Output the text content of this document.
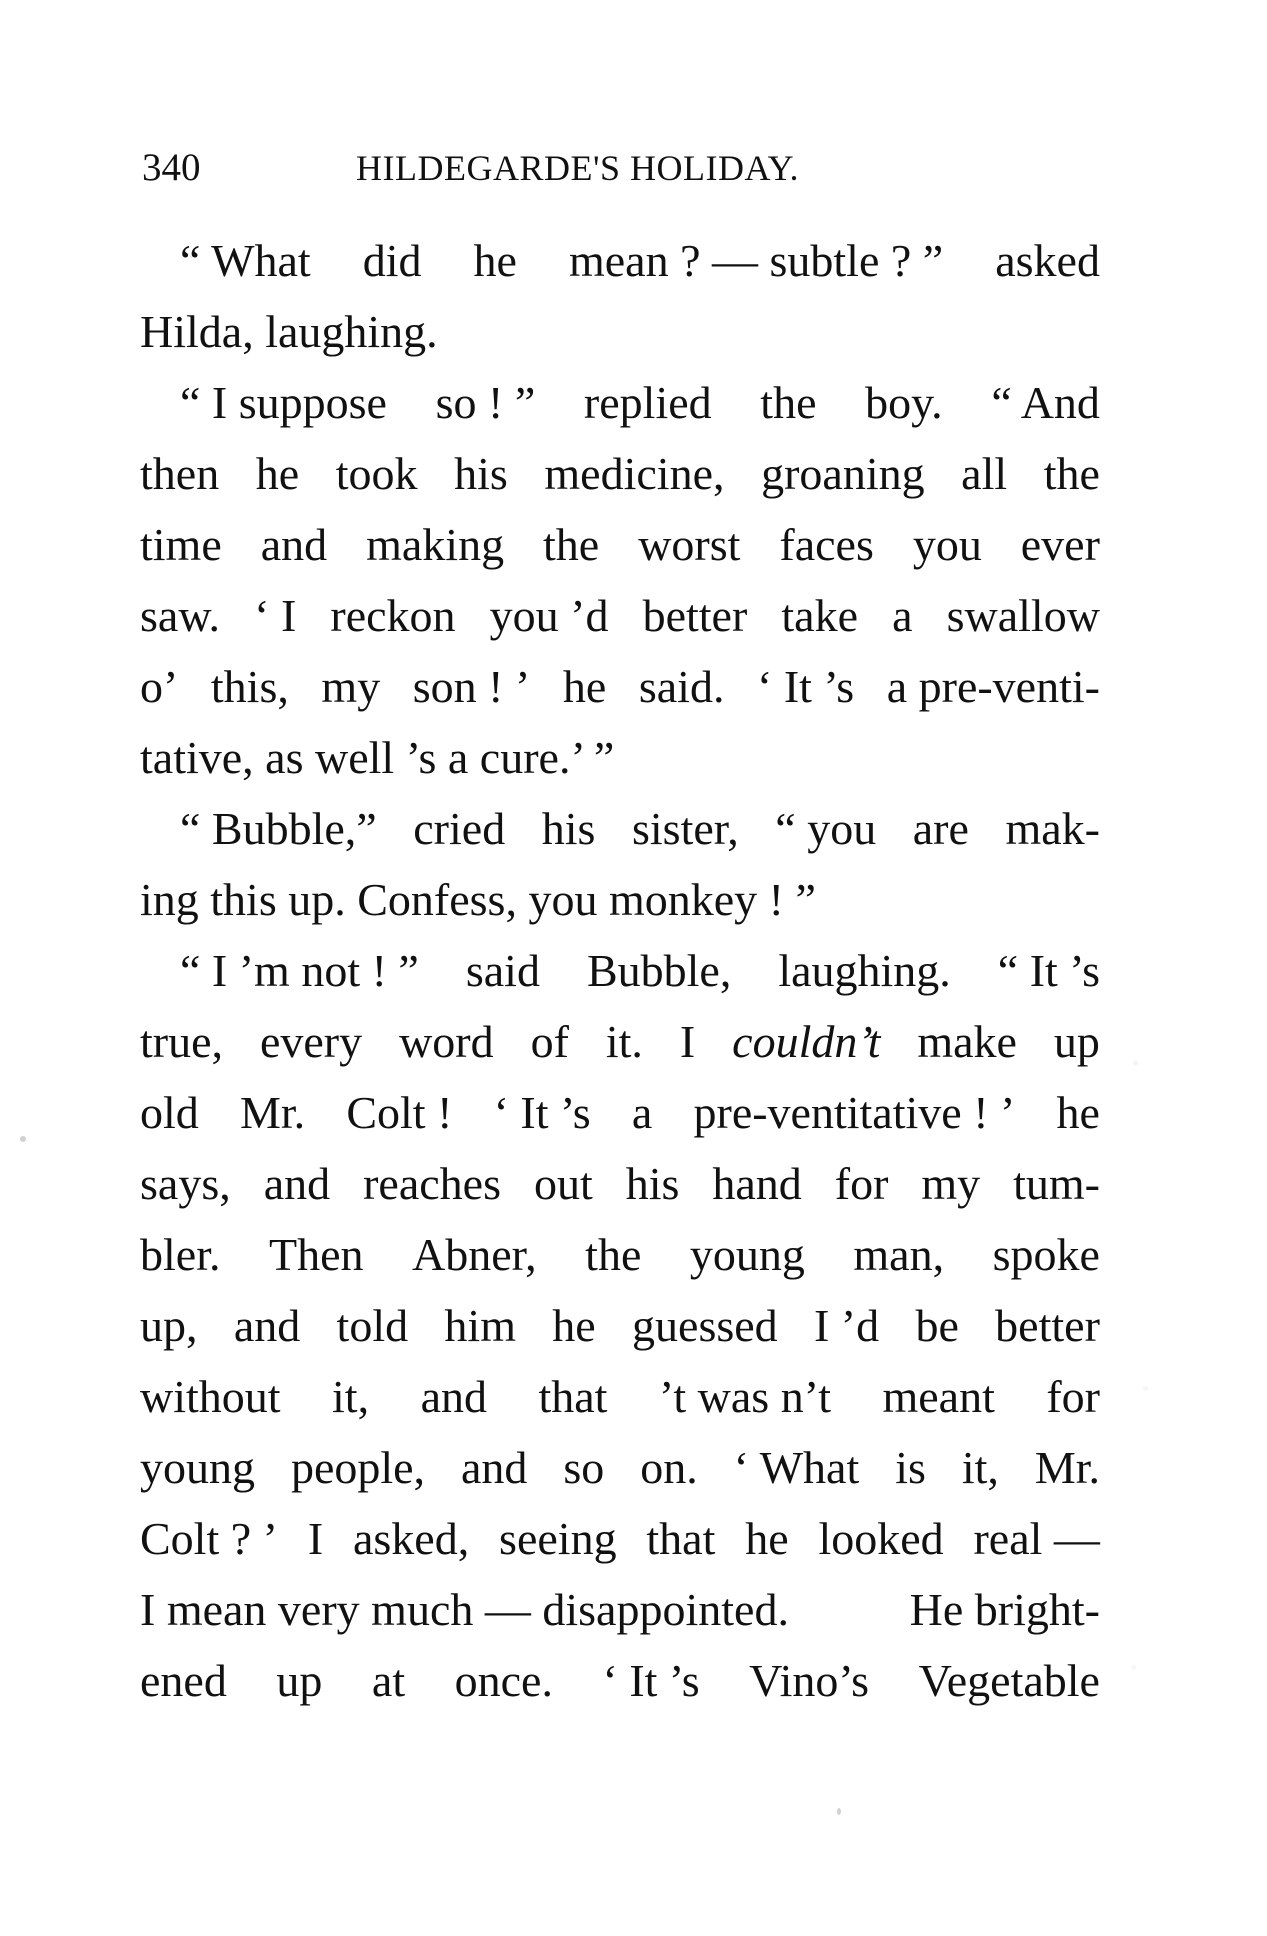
340	HILDEGARDE'S HOLIDAY.
“ What did he mean ? — subtle ? ” asked
Hilda, laughing.
“ I suppose so ! ” replied the boy. “ And
then he took his medicine, groaning all the
time and making the worst faces you ever
saw. ‘ I reckon you ’d better take a swallow
o’ this, my son ! ’ he said. ‘ It ’s a pre-venti-
tative, as well ’s a cure.’ ”
“ Bubble,” cried his sister, “ you are mak-
ing this up. Confess, you monkey ! ”
“ I ’m not ! ” said Bubble, laughing. “ It ’s
true, every word of it. I couldn’t make up
old Mr. Colt ! ‘ It ’s a pre-ventitative ! ’ he
says, and reaches out his hand for my tum-
bler. Then Abner, the young man, spoke
up, and told him he guessed I ’d be better
without it, and that ’t was n’t meant for
young people, and so on. ‘ What is it, Mr.
Colt ? ’ I asked, seeing that he looked real —
I mean very much — disappointed.	He bright-
ened up at once. ‘ It ’s Vino’s Vegetable
